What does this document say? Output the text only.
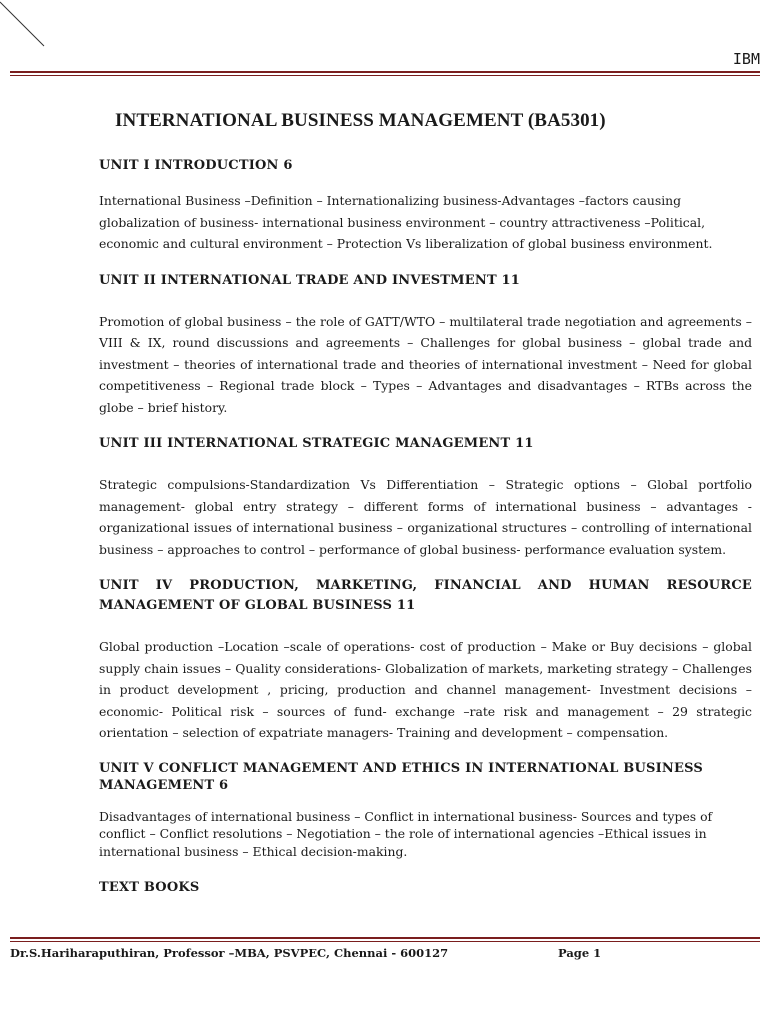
IBM
INTERNATIONAL BUSINESS MANAGEMENT (BA5301)
UNIT I INTRODUCTION 6

International Business –Definition – Internationalizing business-Advantages –factors causing globalization of business- international business environment – country attractiveness –Political, economic and cultural environment – Protection Vs liberalization of global business environment.

UNIT II INTERNATIONAL TRADE AND INVESTMENT 11

Promotion of global business – the role of GATT/WTO – multilateral trade negotiation and agreements – VIII & IX, round discussions and agreements – Challenges for global business – global trade and investment – theories of international trade and theories of international investment – Need for global competitiveness – Regional trade block – Types – Advantages and disadvantages – RTBs across the globe – brief history.

UNIT III INTERNATIONAL STRATEGIC MANAGEMENT 11

Strategic compulsions-Standardization Vs Differentiation – Strategic options – Global portfolio management- global entry strategy – different forms of international business – advantages - organizational issues of international business – organizational structures – controlling of international business – approaches to control – performance of global business- performance evaluation system.

UNIT IV PRODUCTION, MARKETING, FINANCIAL AND HUMAN RESOURCE MANAGEMENT OF GLOBAL BUSINESS 11

Global production –Location –scale of operations- cost of production – Make or Buy decisions – global supply chain issues – Quality considerations- Globalization of markets, marketing strategy – Challenges in product development , pricing, production and channel management- Investment decisions – economic- Political risk – sources of fund- exchange –rate risk and management – 29 strategic orientation – selection of expatriate managers- Training and development – compensation.

UNIT V CONFLICT MANAGEMENT AND ETHICS IN INTERNATIONAL BUSINESS MANAGEMENT 6

Disadvantages of international business – Conflict in international business- Sources and types of conflict – Conflict resolutions – Negotiation – the role of international agencies –Ethical issues in international business – Ethical decision-making.

TEXT BOOKS
Dr.S.Hariharaputhiran, Professor –MBA, PSVPEC, Chennai - 600127	Page 1
